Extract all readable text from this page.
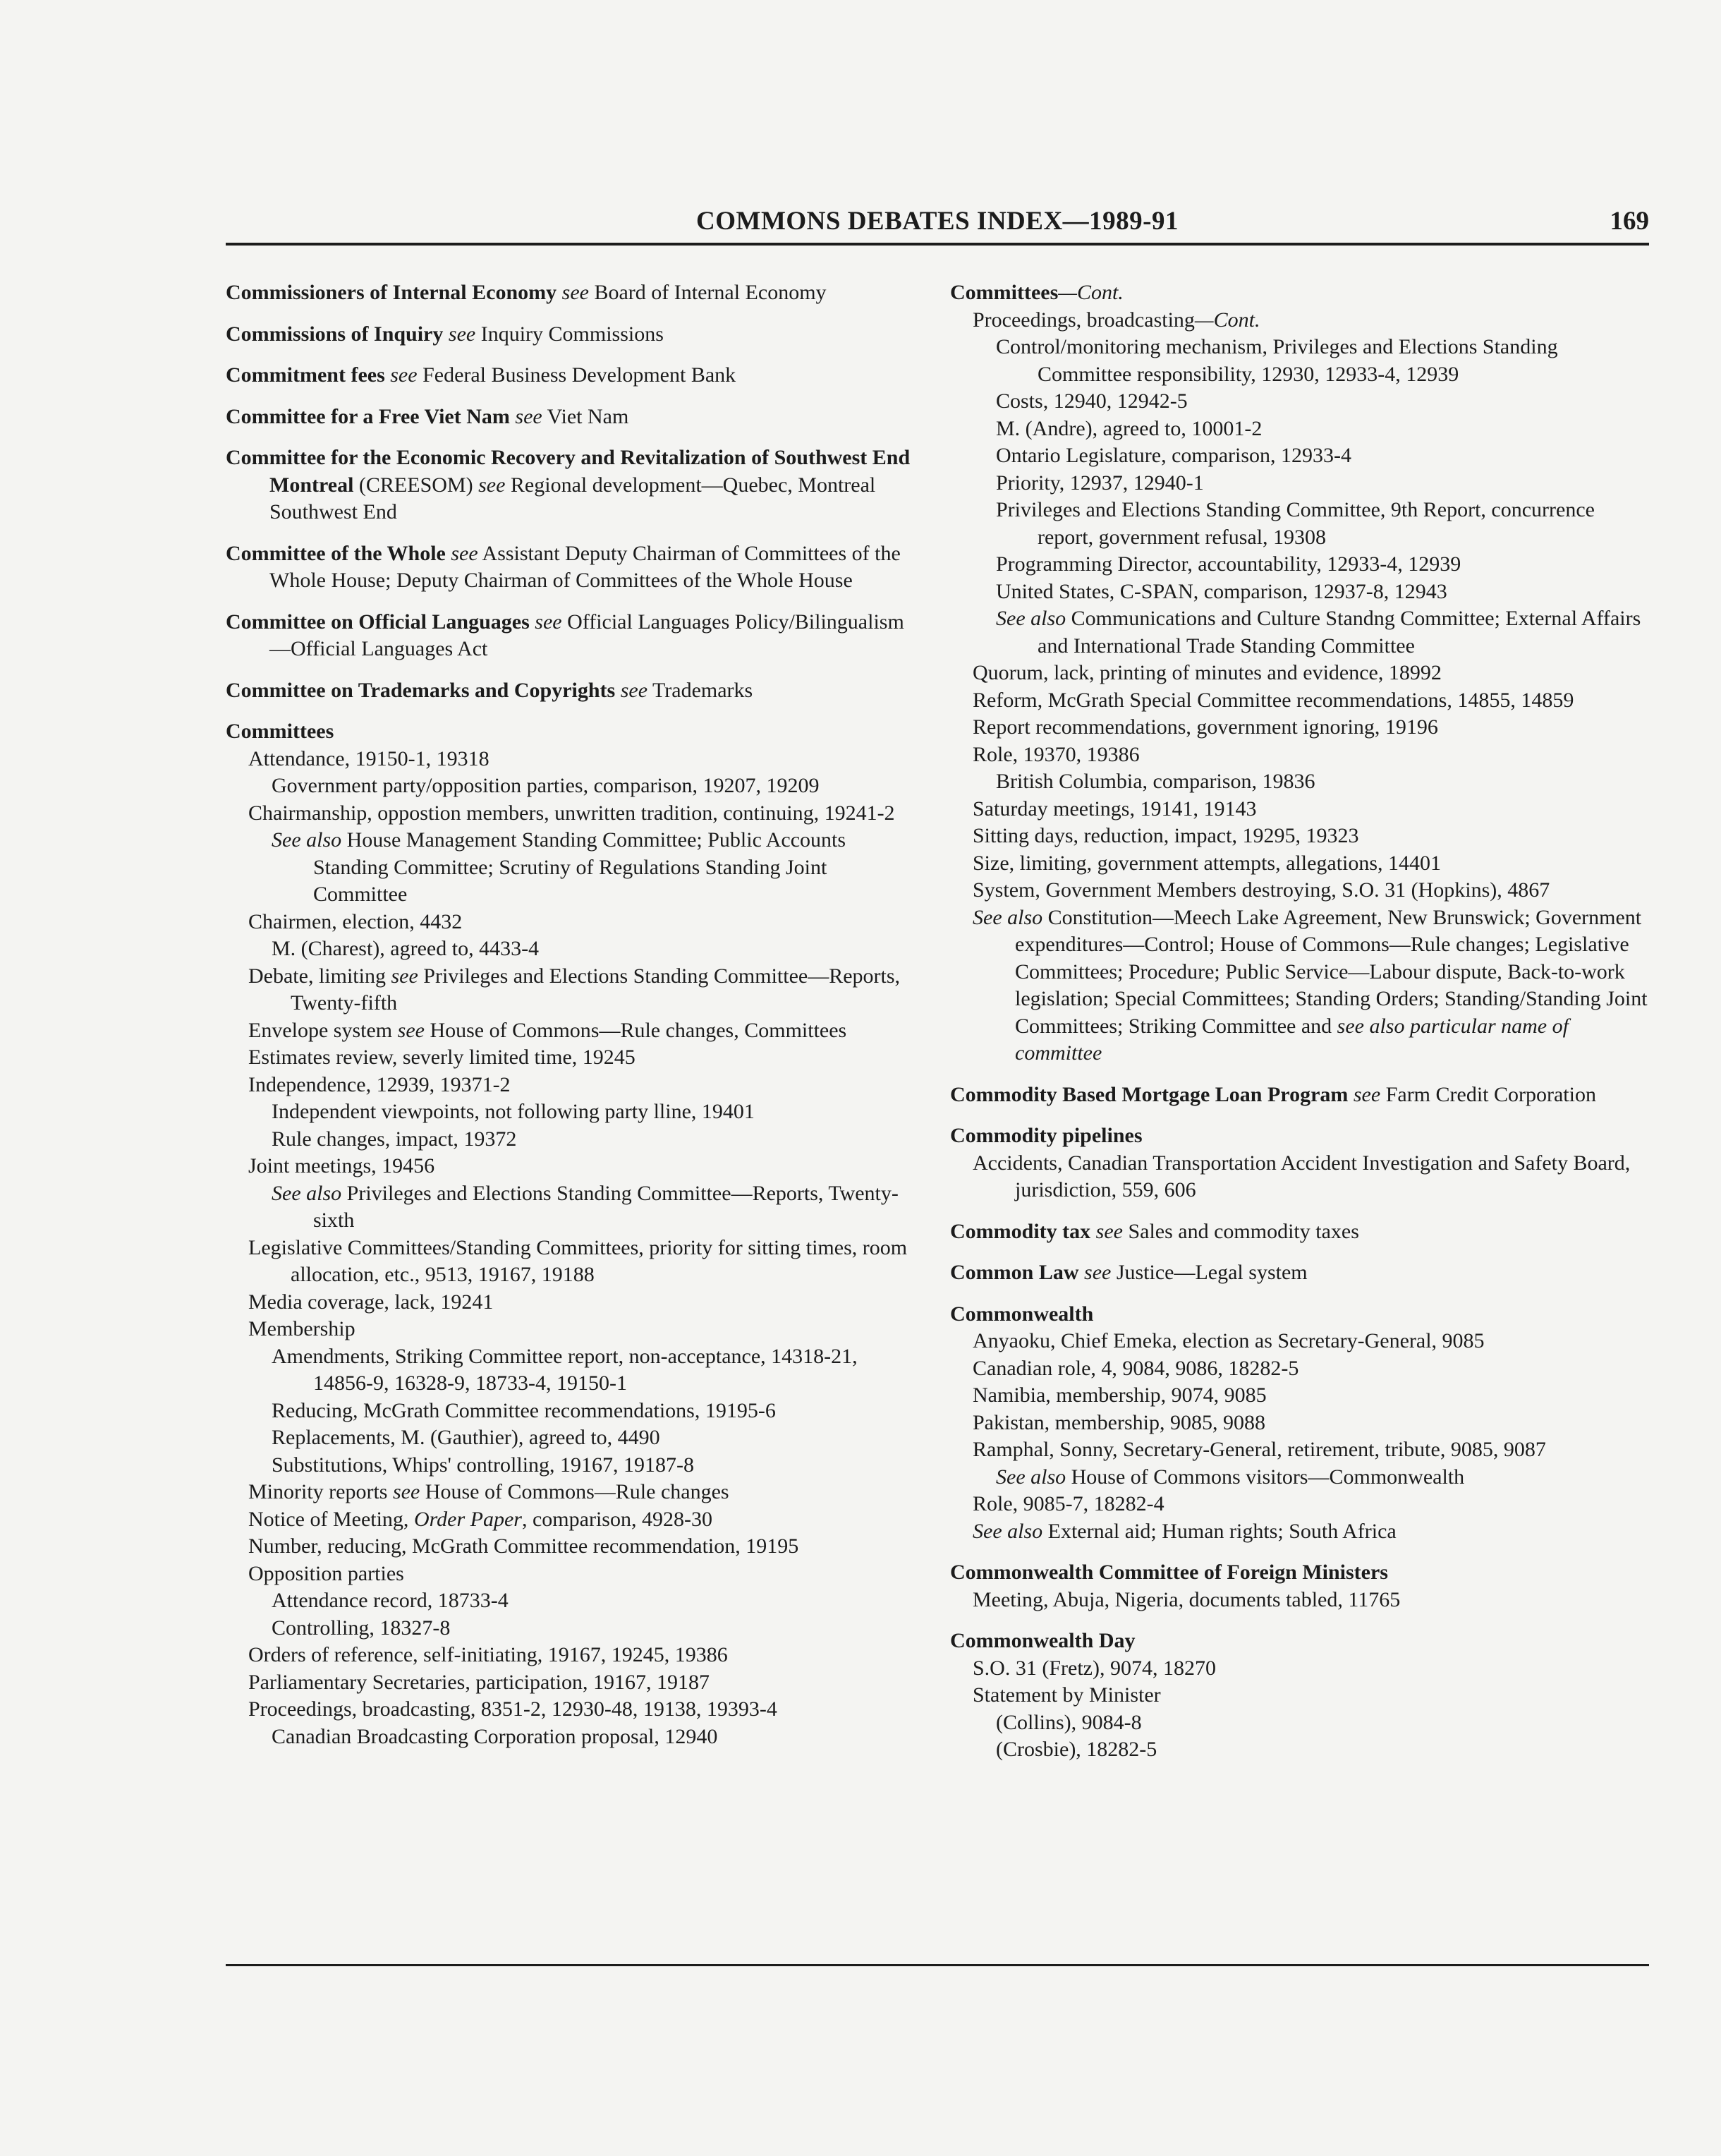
COMMONS DEBATES INDEX—1989-91	169
Commissioners of Internal Economy see Board of Internal Economy
Commissions of Inquiry see Inquiry Commissions
Commitment fees see Federal Business Development Bank
Committee for a Free Viet Nam see Viet Nam
Committee for the Economic Recovery and Revitalization of Southwest End Montreal (CREESOM) see Regional development—Quebec, Montreal Southwest End
Committee of the Whole see Assistant Deputy Chairman of Committees of the Whole House; Deputy Chairman of Committees of the Whole House
Committee on Official Languages see Official Languages Policy/Bilingualism—Official Languages Act
Committee on Trademarks and Copyrights see Trademarks
Committees
Attendance, 19150-1, 19318
Government party/opposition parties, comparison, 19207, 19209
Chairmanship, oppostion members, unwritten tradition, continuing, 19241-2
See also House Management Standing Committee; Public Accounts Standing Committee; Scrutiny of Regulations Standing Joint Committee
Chairmen, election, 4432
M. (Charest), agreed to, 4433-4
Debate, limiting see Privileges and Elections Standing Committee—Reports, Twenty-fifth
Envelope system see House of Commons—Rule changes, Committees
Estimates review, severly limited time, 19245
Independence, 12939, 19371-2
Independent viewpoints, not following party lline, 19401
Rule changes, impact, 19372
Joint meetings, 19456
See also Privileges and Elections Standing Committee—Reports, Twenty-sixth
Legislative Committees/Standing Committees, priority for sitting times, room allocation, etc., 9513, 19167, 19188
Media coverage, lack, 19241
Membership
Amendments, Striking Committee report, non-acceptance, 14318-21, 14856-9, 16328-9, 18733-4, 19150-1
Reducing, McGrath Committee recommendations, 19195-6
Replacements, M. (Gauthier), agreed to, 4490
Substitutions, Whips' controlling, 19167, 19187-8
Minority reports see House of Commons—Rule changes
Notice of Meeting, Order Paper, comparison, 4928-30
Number, reducing, McGrath Committee recommendation, 19195
Opposition parties
Attendance record, 18733-4
Controlling, 18327-8
Orders of reference, self-initiating, 19167, 19245, 19386
Parliamentary Secretaries, participation, 19167, 19187
Proceedings, broadcasting, 8351-2, 12930-48, 19138, 19393-4
Canadian Broadcasting Corporation proposal, 12940
Committees—Cont.
Proceedings, broadcasting—Cont.
Control/monitoring mechanism, Privileges and Elections Standing Committee responsibility, 12930, 12933-4, 12939
Costs, 12940, 12942-5
M. (Andre), agreed to, 10001-2
Ontario Legislature, comparison, 12933-4
Priority, 12937, 12940-1
Privileges and Elections Standing Committee, 9th Report, concurrence report, government refusal, 19308
Programming Director, accountability, 12933-4, 12939
United States, C-SPAN, comparison, 12937-8, 12943
See also Communications and Culture Standng Committee; External Affairs and International Trade Standing Committee
Quorum, lack, printing of minutes and evidence, 18992
Reform, McGrath Special Committee recommendations, 14855, 14859
Report recommendations, government ignoring, 19196
Role, 19370, 19386
British Columbia, comparison, 19836
Saturday meetings, 19141, 19143
Sitting days, reduction, impact, 19295, 19323
Size, limiting, government attempts, allegations, 14401
System, Government Members destroying, S.O. 31 (Hopkins), 4867
See also Constitution—Meech Lake Agreement, New Brunswick; Government expenditures—Control; House of Commons—Rule changes; Legislative Committees; Procedure; Public Service—Labour dispute, Back-to-work legislation; Special Committees; Standing Orders; Standing/Standing Joint Committees; Striking Committee and see also particular name of committee
Commodity Based Mortgage Loan Program see Farm Credit Corporation
Commodity pipelines
Accidents, Canadian Transportation Accident Investigation and Safety Board, jurisdiction, 559, 606
Commodity tax see Sales and commodity taxes
Common Law see Justice—Legal system
Commonwealth
Anyaoku, Chief Emeka, election as Secretary-General, 9085
Canadian role, 4, 9084, 9086, 18282-5
Namibia, membership, 9074, 9085
Pakistan, membership, 9085, 9088
Ramphal, Sonny, Secretary-General, retirement, tribute, 9085, 9087
See also House of Commons visitors—Commonwealth
Role, 9085-7, 18282-4
See also External aid; Human rights; South Africa
Commonwealth Committee of Foreign Ministers
Meeting, Abuja, Nigeria, documents tabled, 11765
Commonwealth Day
S.O. 31 (Fretz), 9074, 18270
Statement by Minister
(Collins), 9084-8
(Crosbie), 18282-5
